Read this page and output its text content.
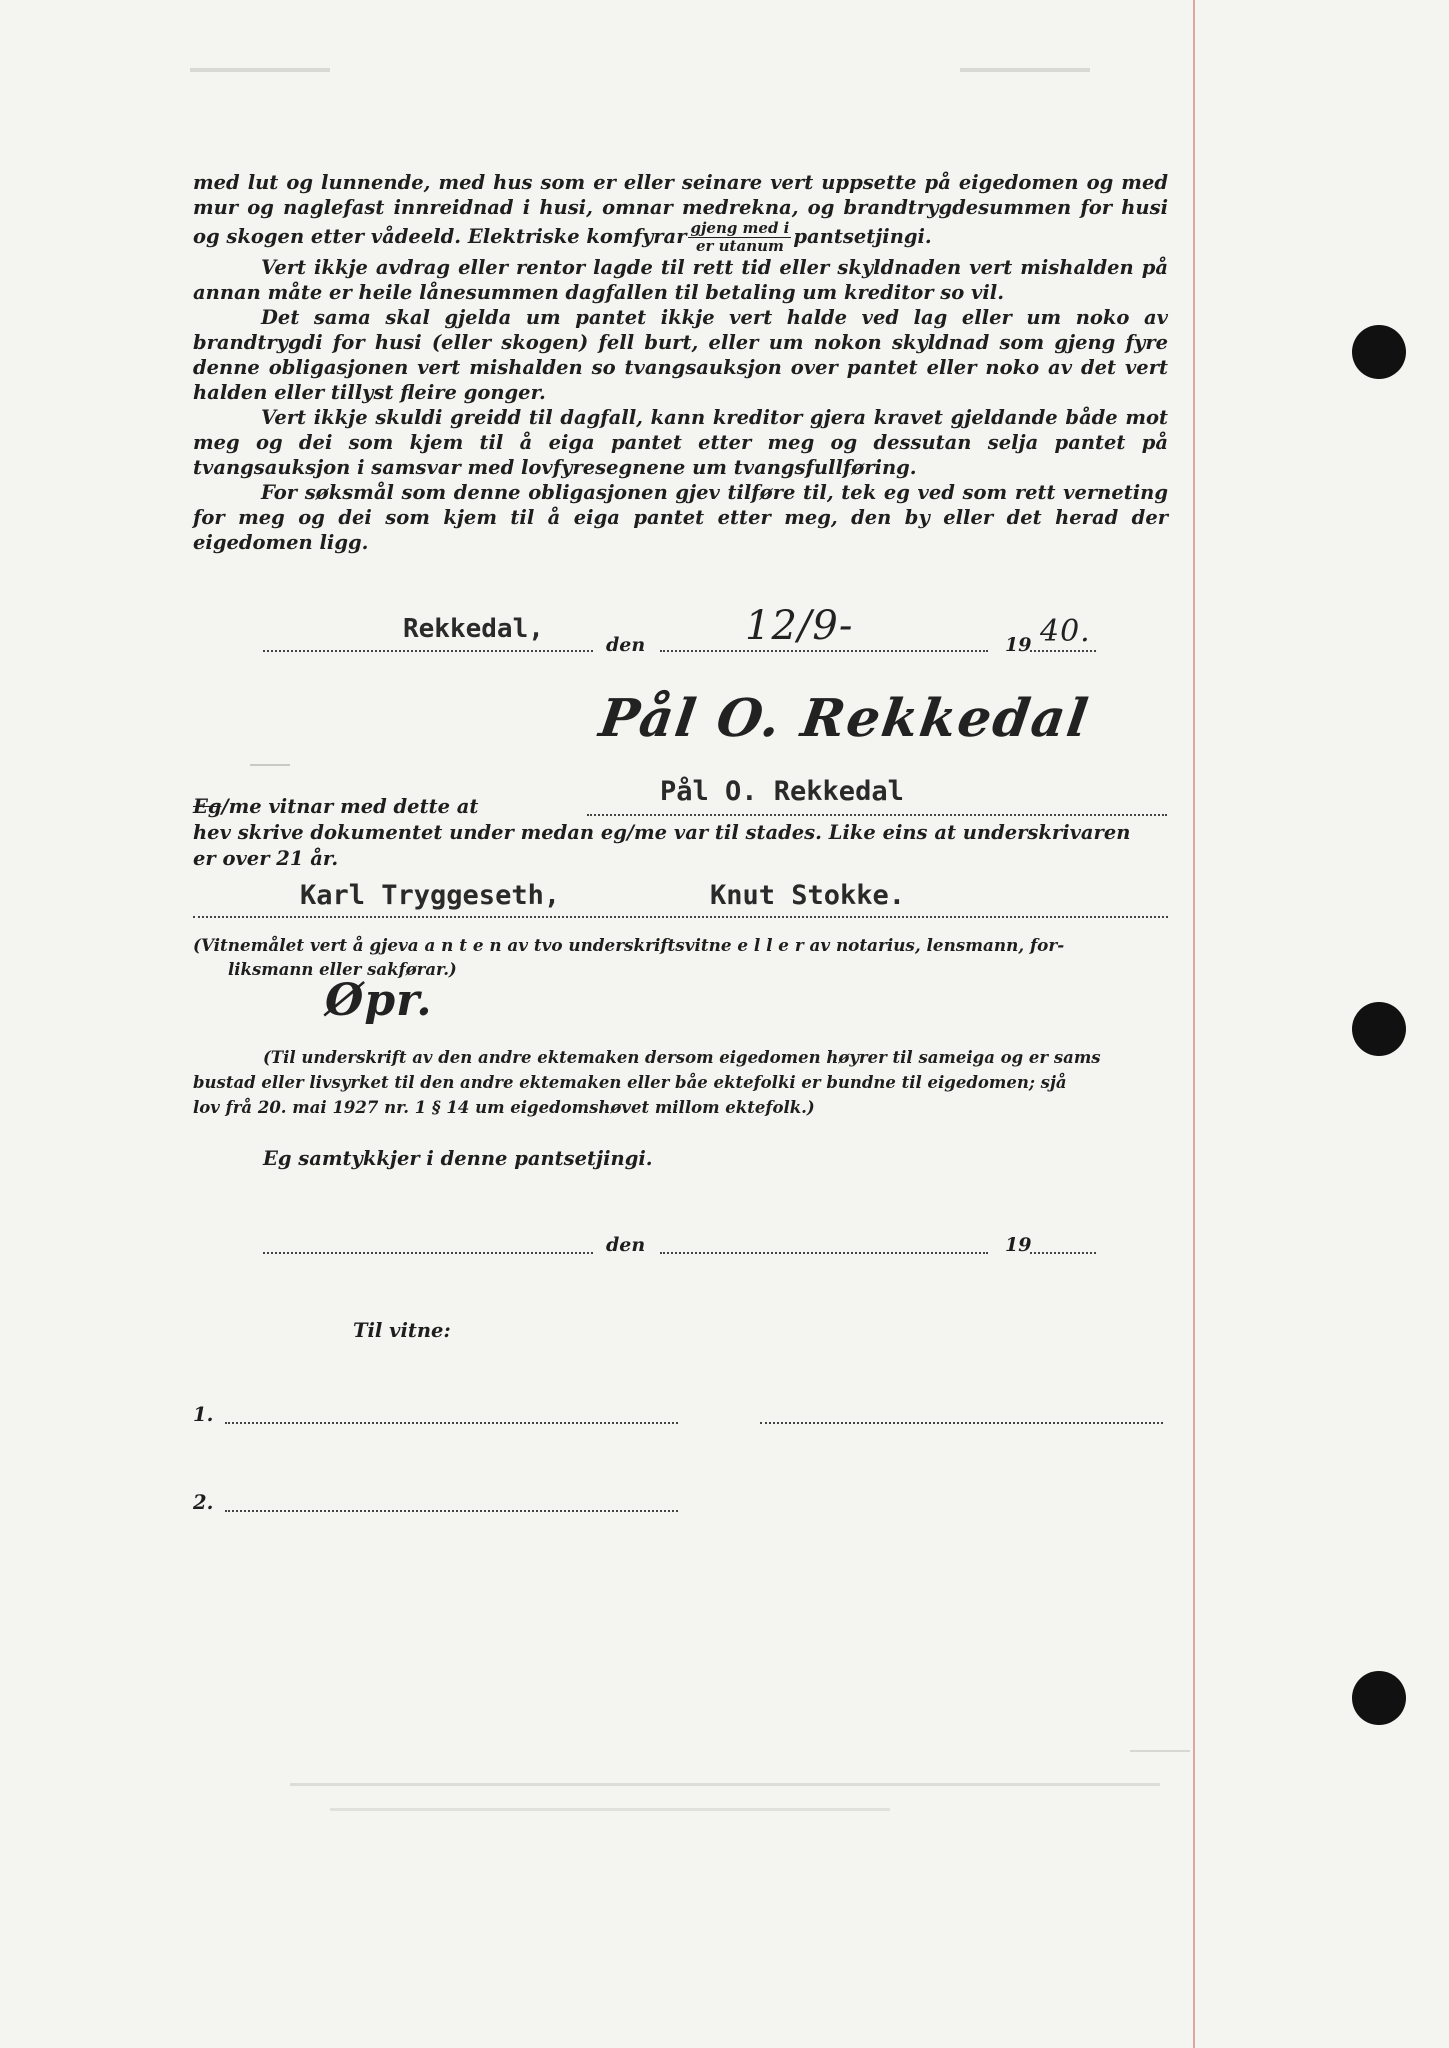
med lut og lunnende, med hus som er eller seinare vert uppsette på eigedomen og med mur og naglefast innreidnad i husi, omnar medrekna, og brandtrygdesummen for husi og skogen etter vådeeld. Elektriske komfyrar $\frac{\text{gjeng med i}}{\text{er utanum}}$ pantsetjingi.

Vert ikkje avdrag eller rentor lagde til rett tid eller skyldnaden vert mishalden på annan måte er heile lånesummen dagfallen til betaling um kreditor so vil.

Det sama skal gjelda um pantet ikkje vert halde ved lag eller um noko av brandtrygdi for husi (eller skogen) fell burt, eller um nokon skyldnad som gjeng fyre denne obligasjonen vert mishalden so tvangsauksjon over pantet eller noko av det vert halden eller tillyst fleire gonger.

Vert ikkje skuldi greidd til dagfall, kann kreditor gjera kravet gjeldande både mot meg og dei som kjem til å eiga pantet etter meg og dessutan selja pantet på tvangsauksjon i samsvar med lovfyresegnene um tvangsfullføring.

For søksmål som denne obligasjonen gjev tilføre til, tek eg ved som rett verneting for meg og dei som kjem til å eiga pantet etter meg, den by eller det herad der eigedomen ligg.

Rekkedal,
den 12/9-	19 40.
Pål O. Rekkedal
Eg/me vitnar med dette at	Pål O. Rekkedal
hev skrive dokumentet under medan eg/me var til stades. Like eins at underskrivaren
er over 21 år.
Karl Tryggeseth,	Knut Stokke.
(Vitnemålet vert å gjeva a n t e n av tvo underskriftsvitne e l l e r av notarius, lensmann, for-
liksmann eller sakførar.)
Øpr.
(Til underskrift av den andre ektemaken dersom eigedomen høyrer til sameiga og er sams
bustad eller livsyrket til den andre ektemaken eller båe ektefolki er bundne til eigedomen; sjå
lov frå 20. mai 1927 nr. 1 § 14 um eigedomshøvet millom ektefolk.)
Eg samtykkjer i denne pantsetjingi.
den	19
Til vitne:
1.
2.
